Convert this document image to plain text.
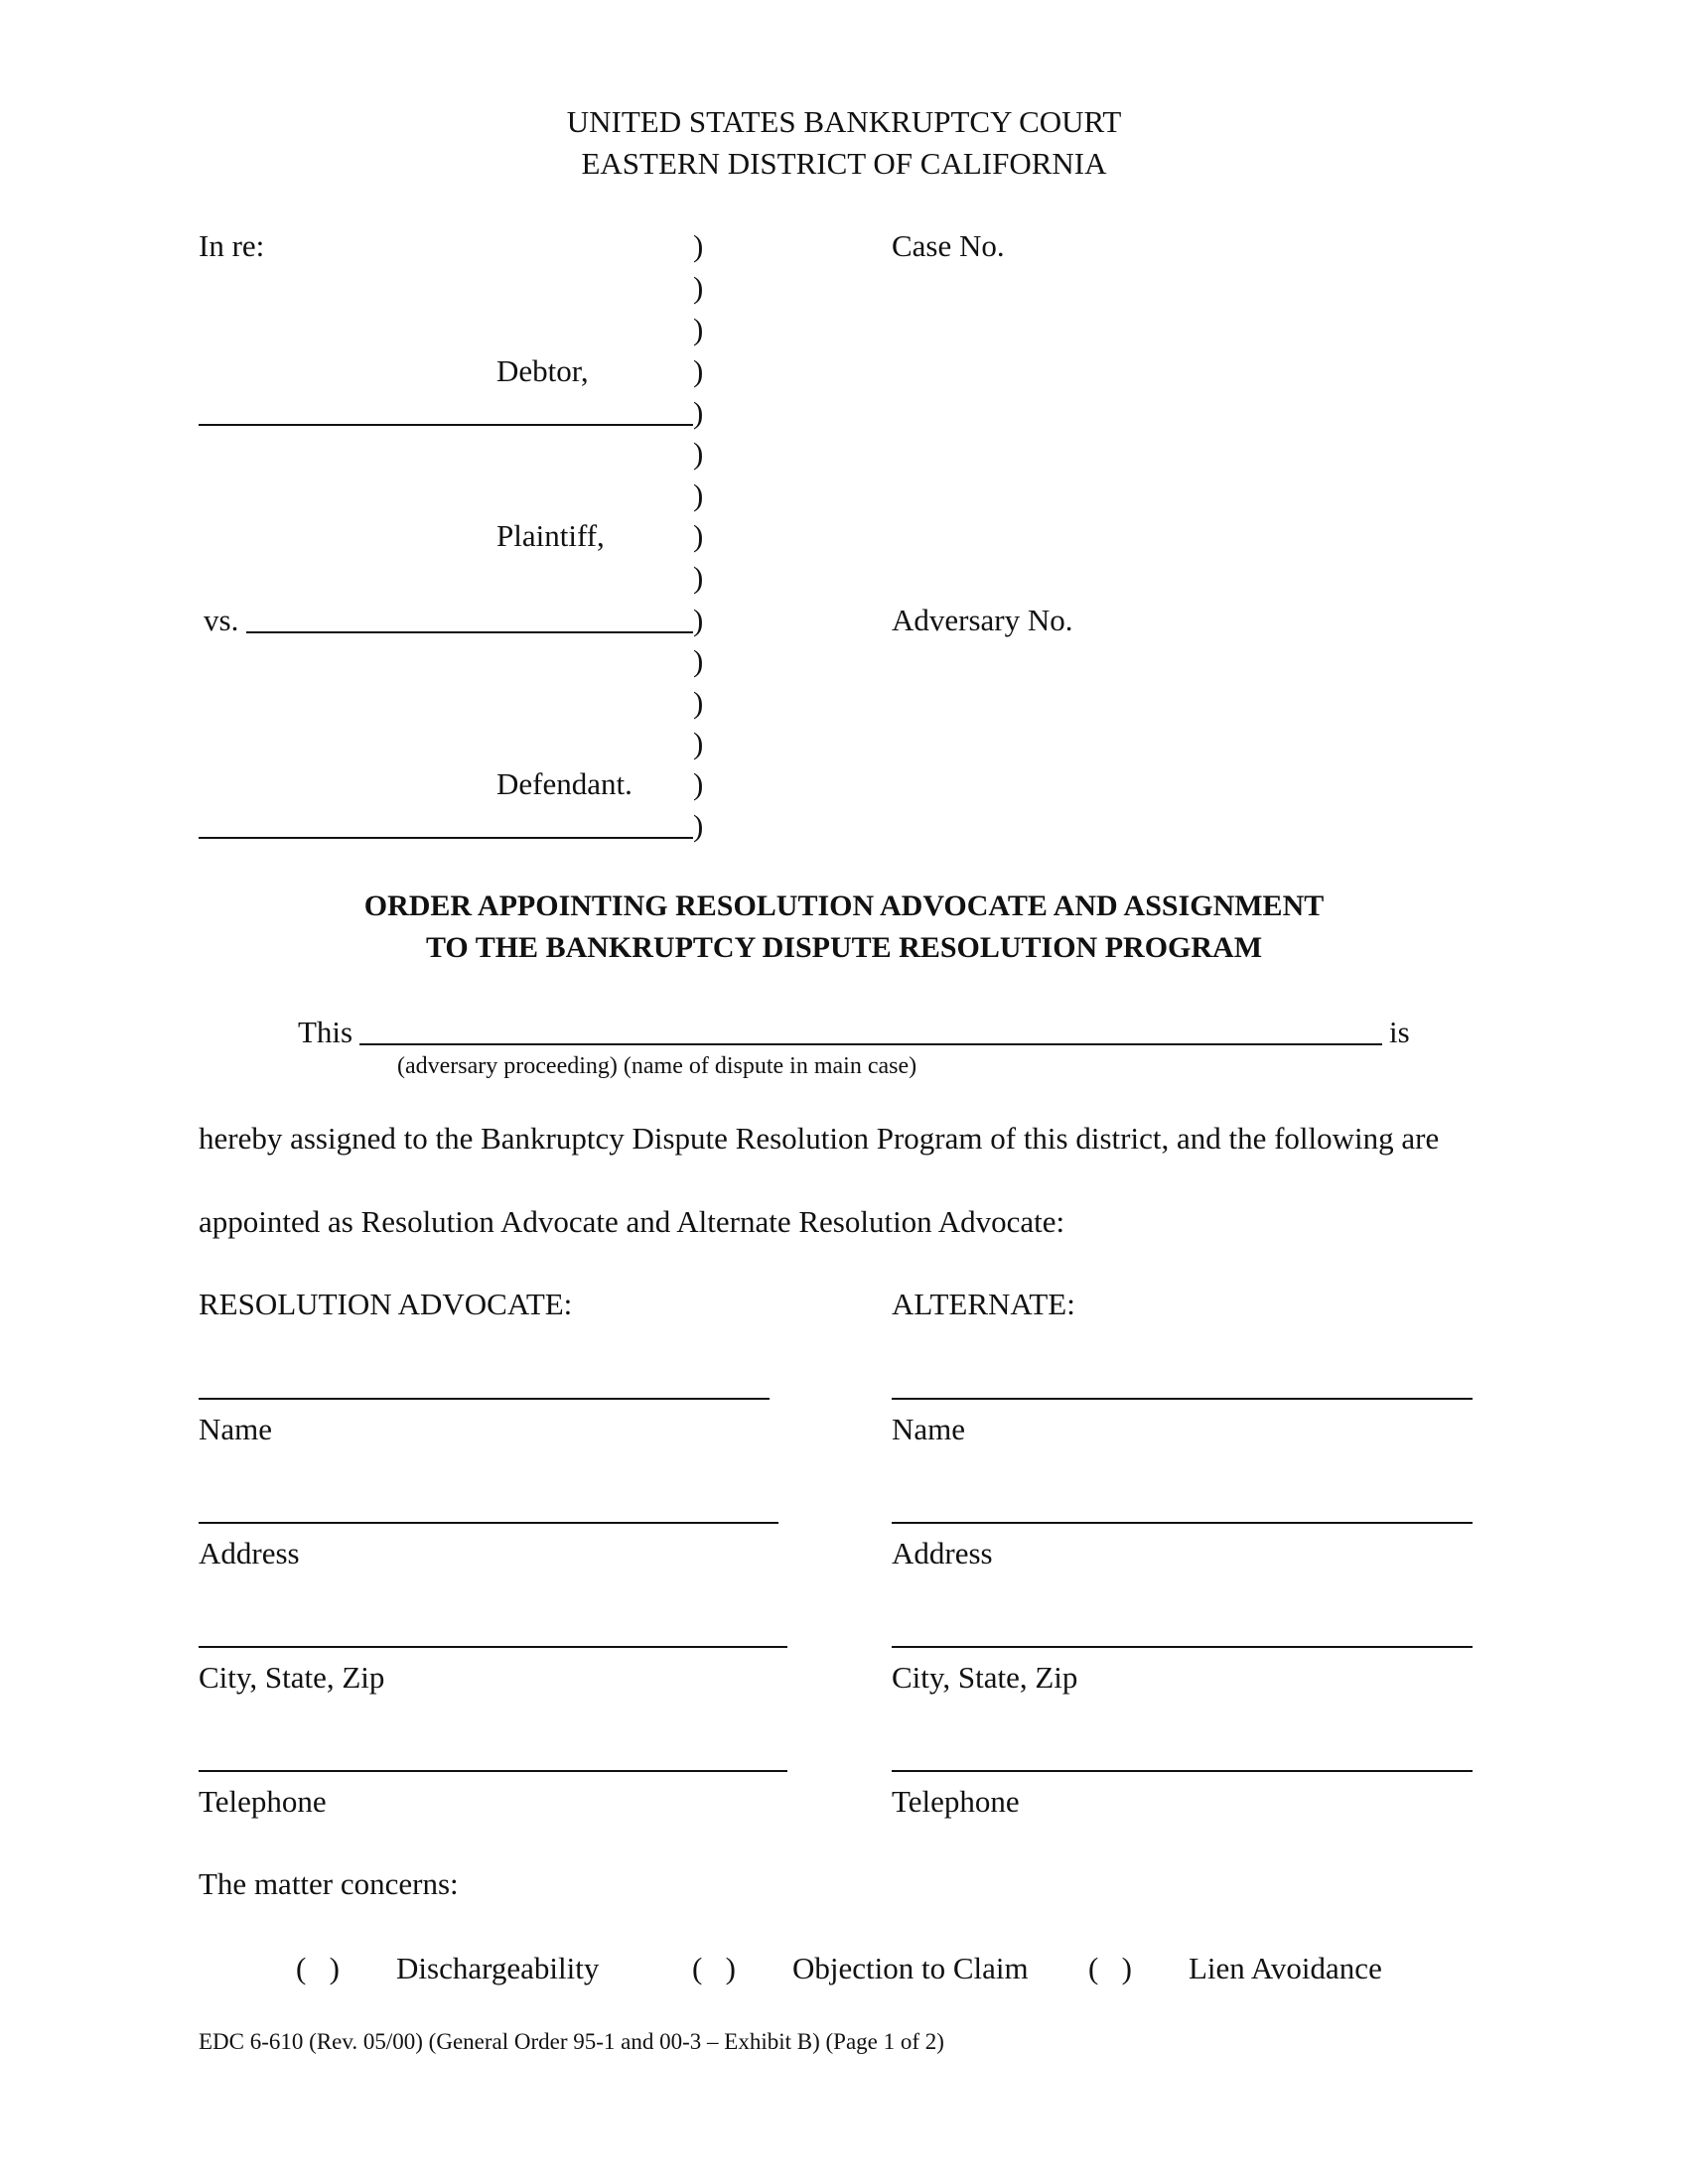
UNITED STATES BANKRUPTCY COURT
EASTERN DISTRICT OF CALIFORNIA
In re:
Debtor,
Plaintiff,
vs.
Defendant.
)
)
)
)
)
)
)
)
)
)
)
)
)
)
)
Case No.
Adversary No.
ORDER APPOINTING RESOLUTION ADVOCATE AND ASSIGNMENT
TO THE BANKRUPTCY DISPUTE RESOLUTION PROGRAM
This	is
(adversary proceeding) (name of dispute in main case)
hereby assigned to the Bankruptcy Dispute Resolution Program of this district, and the following are
appointed as Resolution Advocate and Alternate Resolution Advocate:
RESOLUTION ADVOCATE:
Name
Address
City, State, Zip
Telephone
ALTERNATE:
Name
Address
City, State, Zip
Telephone
The matter concerns:
(   ) Dischargeability	(   ) Objection to Claim (   ) Lien Avoidance
EDC 6-610 (Rev. 05/00) (General Order 95-1 and 00-3 – Exhibit B) (Page 1 of 2)
